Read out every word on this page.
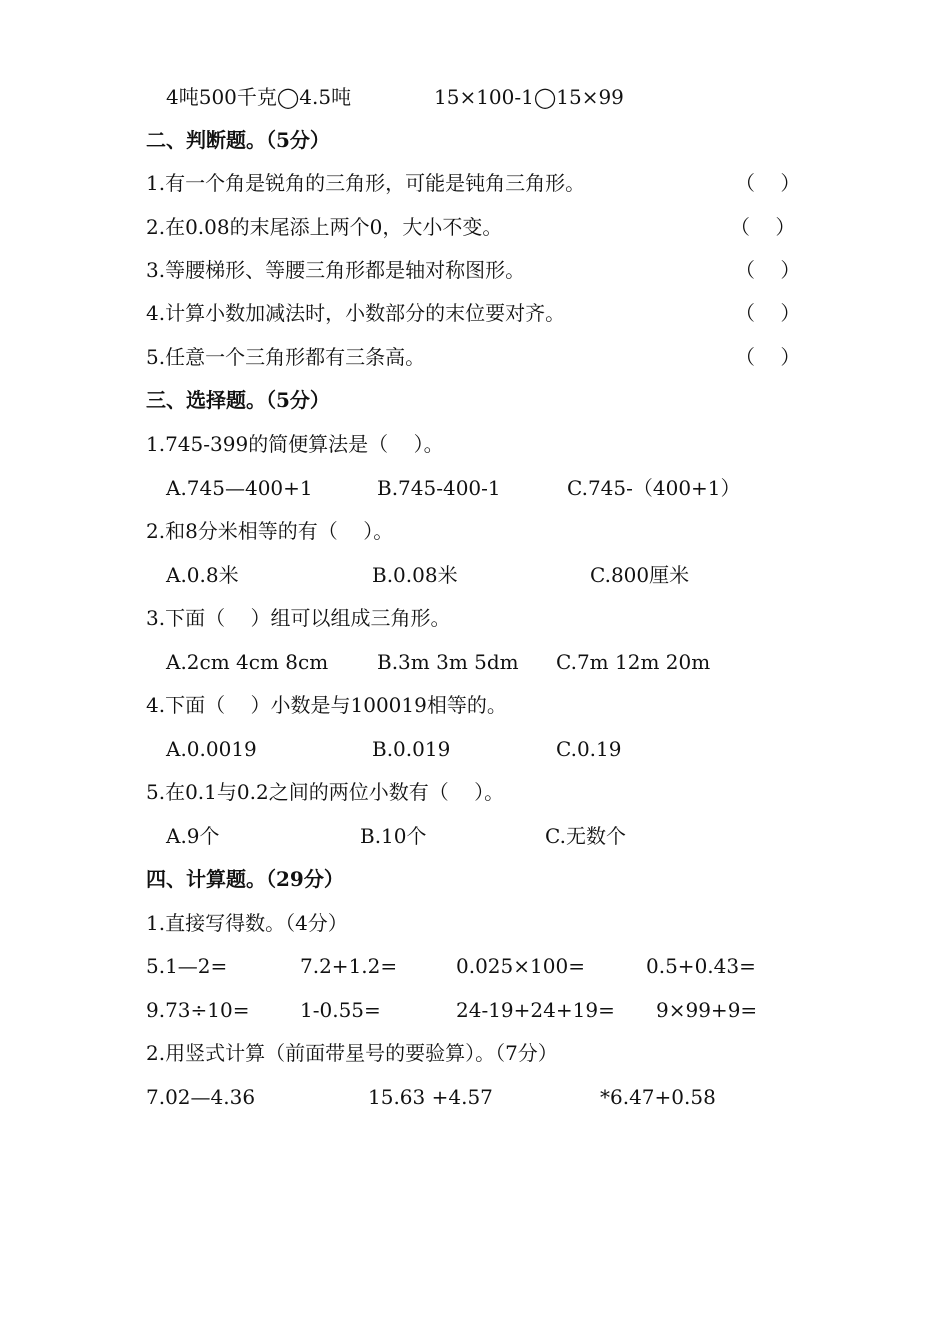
4吨500千克◯4.5吨	15×100-1◯15×99
二、判断题。（5分）
1.有一个角是锐角的三角形，可能是钝角三角形。	（    ）
2.在0.08的末尾添上两个0，大小不变。	（    ）
3.等腰梯形、等腰三角形都是轴对称图形。	（    ）
4.计算小数加减法时，小数部分的末位要对齐。	（    ）
5.任意一个三角形都有三条高。	（    ）
三、选择题。（5分）
1.745-399的简便算法是（    ）。
A.745—400+1	B.745-400-1	C.745-（400+1）
2.和8分米相等的有（    ）。
A.0.8米	B.0.08米	C.800厘米
3.下面（    ）组可以组成三角形。
A.2cm 4cm 8cm B.3m 3m 5dm C.7m 12m 20m
4.下面（    ）小数是与100019相等的。
A.0.0019	B.0.019	C.0.19
5.在0.1与0.2之间的两位小数有（    ）。
A.9个	B.10个	C.无数个
四、计算题。（29分）
1.直接写得数。（4分）
5.1—2=	7.2+1.2=	0.025×100=	0.5+0.43=
9.73÷10=	1-0.55=	24-19+24+19= 9×99+9=
2.用竖式计算（前面带星号的要验算）。（7分）
7.02—4.36	15.63 +4.57	*6.47+0.58
